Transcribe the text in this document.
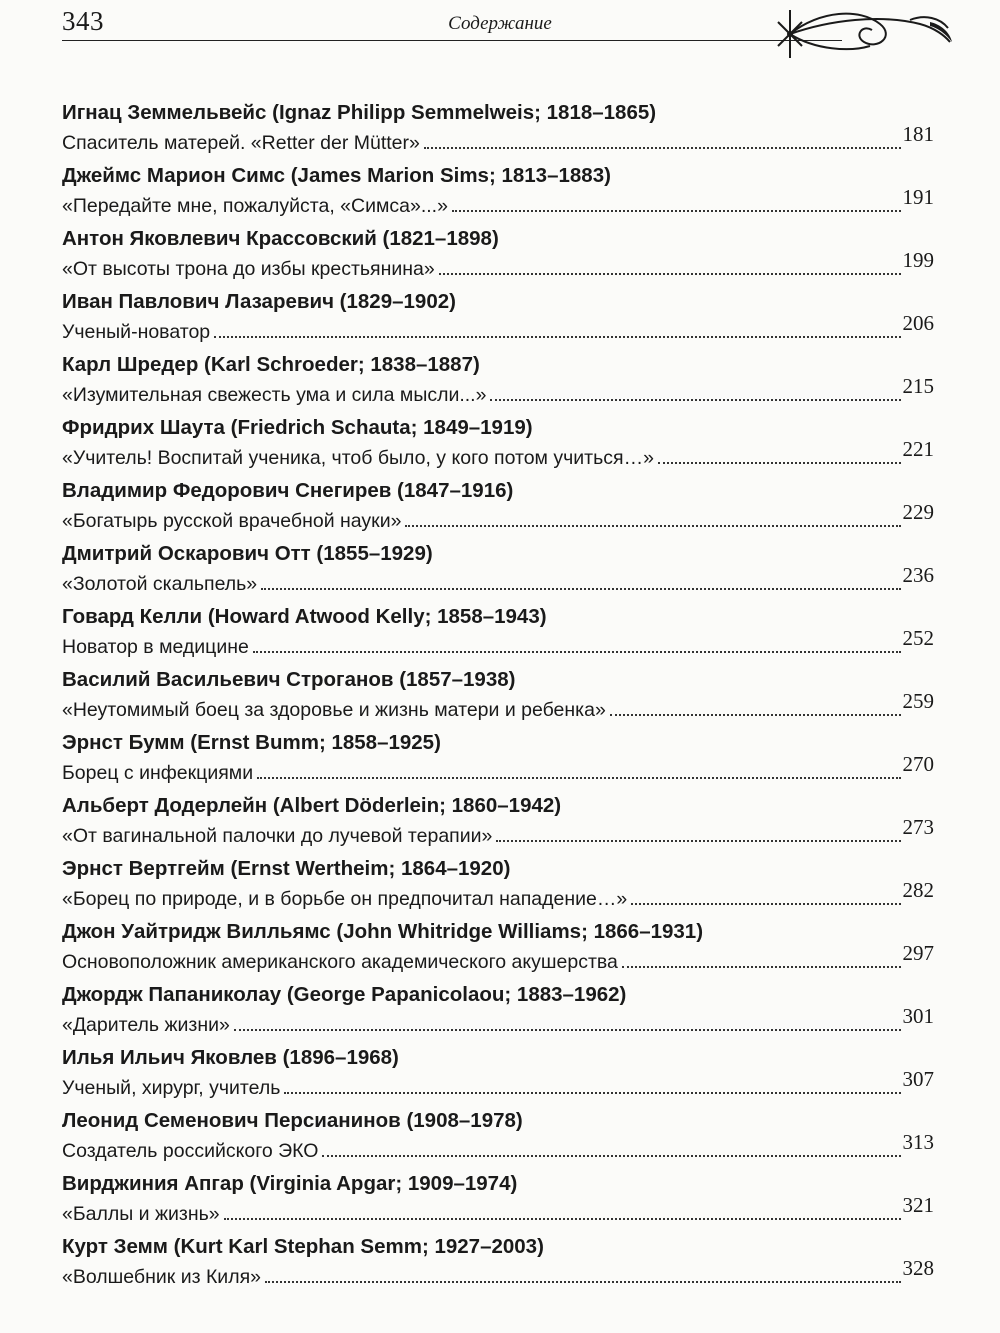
343	Содержание
Игнац Земмельвейс (Ignaz Philipp Semmelweis; 1818–1865)
Спаситель матерей. «Retter der Mütter»	181
Джеймс Марион Симс (James Marion Sims; 1813–1883)
«Передайте мне, пожалуйста, «Симса»...»	191
Антон Яковлевич Крассовский (1821–1898)
«От высоты трона до избы крестьянина»	199
Иван Павлович Лазаревич (1829–1902)
Ученый-новатор	206
Карл Шредер (Karl Schroeder; 1838–1887)
«Изумительная свежесть ума и сила мысли...»	215
Фридрих Шаута (Friedrich Schauta; 1849–1919)
«Учитель! Воспитай ученика, чтоб было, у кого потом учиться…»	221
Владимир Федорович Снегирев (1847–1916)
«Богатырь русской врачебной науки»	229
Дмитрий Оскарович Отт (1855–1929)
«Золотой скальпель»	236
Говард Келли (Howard Atwood Kelly; 1858–1943)
Новатор в медицине	252
Василий Васильевич Строганов (1857–1938)
«Неутомимый боец за здоровье и жизнь матери и ребенка»	259
Эрнст Бумм (Ernst Bumm; 1858–1925)
Борец с инфекциями	270
Альберт Додерлейн (Albert Döderlein; 1860–1942)
«От вагинальной палочки до лучевой терапии»	273
Эрнст Вертгейм (Ernst Wertheim; 1864–1920)
«Борец по природе, и в борьбе он предпочитал нападение…»	282
Джон Уайтридж Вилльямс (John Whitridge Williams; 1866–1931)
Основоположник американского академического акушерства	297
Джордж Папаниколау (George Papanicolaou; 1883–1962)
«Даритель жизни»	301
Илья Ильич Яковлев (1896–1968)
Ученый, хирург, учитель	307
Леонид Семенович Персианинов (1908–1978)
Создатель российского ЭКО	313
Вирджиния Апгар (Virginia Apgar; 1909–1974)
«Баллы и жизнь»	321
Курт Земм (Kurt Karl Stephan Semm; 1927–2003)
«Волшебник из Киля»	328
